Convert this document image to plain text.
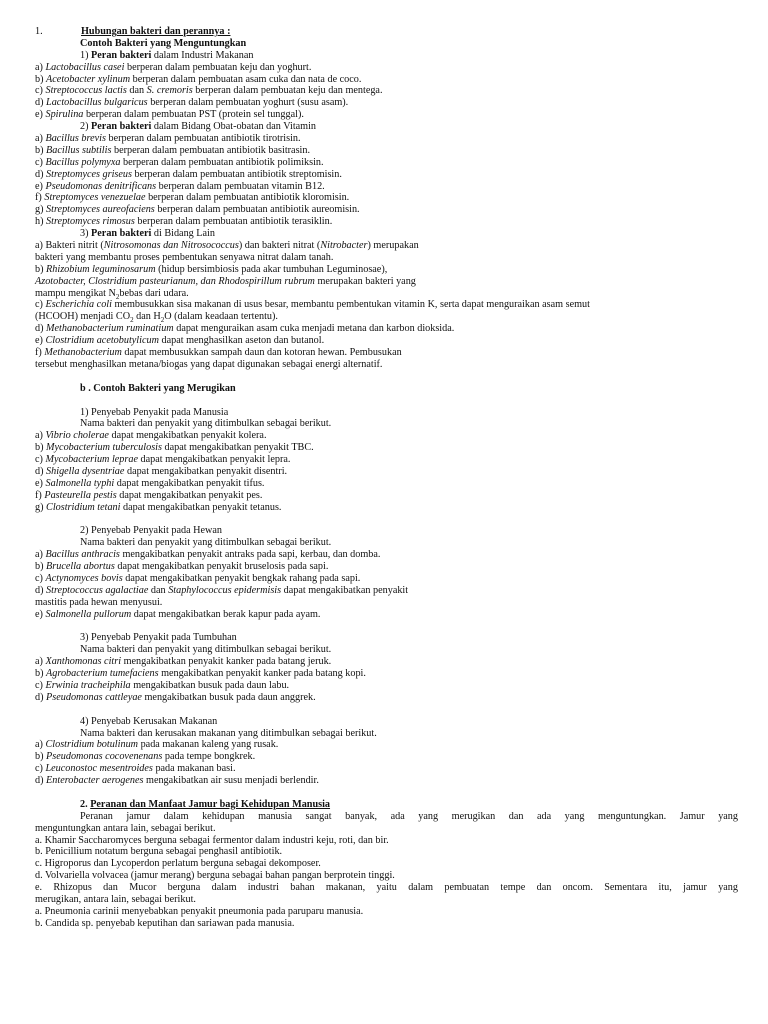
1.	Hubungan bakteri dan perannya :
Contoh Bakteri yang Menguntungkan
1) Peran bakteri dalam Industri Makanan
a) Lactobacillus casei berperan dalam pembuatan keju dan yoghurt.
b) Acetobacter xylinum berperan dalam pembuatan asam cuka dan nata de coco.
c) Streptococcus lactis dan S. cremoris berperan dalam pembuatan keju dan mentega.
d) Lactobacillus bulgaricus berperan dalam pembuatan yoghurt (susu asam).
e) Spirulina berperan dalam pembuatan PST (protein sel tunggal).
2) Peran bakteri dalam Bidang Obat-obatan dan Vitamin
a) Bacillus brevis berperan dalam pembuatan antibiotik tirotrisin.
b) Bacillus subtilis berperan dalam pembuatan antibiotik basitrasin.
c) Bacillus polymyxa berperan dalam pembuatan antibiotik polimiksin.
d) Streptomyces griseus berperan dalam pembuatan antibiotik streptomisin.
e) Pseudomonas denitrificans berperan dalam pembuatan vitamin B12.
f) Streptomyces venezuelae berperan dalam pembuatan antibiotik kloromisin.
g) Streptomyces aureofaciens berperan dalam pembuatan antibiotik aureomisin.
h) Streptomyces rimosus berperan dalam pembuatan antibiotik terasiklin.
3) Peran bakteri di Bidang Lain
a) Bakteri nitrit (Nitrosomonas dan Nitrosococcus) dan bakteri nitrat (Nitrobacter) merupakan
bakteri yang membantu proses pembentukan senyawa nitrat dalam tanah.
b) Rhizobium leguminosarum (hidup bersimbiosis pada akar tumbuhan Leguminosae),
Azotobacter, Clostridium pasteurianum, dan Rhodospirillum rubrum merupakan bakteri yang
mampu mengikat $N_2bebas$ dari udara.
c) Escherichia coli membusukkan sisa makanan di usus besar, membantu pembentukan vitamin K, serta dapat menguraikan asam semut
(HCOOH) menjadi $CO_2$ dan $H_2O$ (dalam keadaan tertentu).
d) Methanobacterium ruminatium dapat menguraikan asam cuka menjadi metana dan karbon dioksida.
e) Clostridium acetobutylicum dapat menghasilkan aseton dan butanol.
f) Methanobacterium dapat membusukkan sampah daun dan kotoran hewan. Pembusukan
tersebut menghasilkan metana/biogas yang dapat digunakan sebagai energi alternatif.
b . Contoh Bakteri yang Merugikan
1) Penyebab Penyakit pada Manusia
Nama bakteri dan penyakit yang ditimbulkan sebagai berikut.
a) Vibrio cholerae dapat mengakibatkan penyakit kolera.
b) Mycobacterium tuberculosis dapat mengakibatkan penyakit TBC.
c) Mycobacterium leprae dapat mengakibatkan penyakit lepra.
d) Shigella dysentriae dapat mengakibatkan penyakit disentri.
e) Salmonella typhi dapat mengakibatkan penyakit tifus.
f) Pasteurella pestis dapat mengakibatkan penyakit pes.
g) Clostridium tetani dapat mengakibatkan penyakit tetanus.
2) Penyebab Penyakit pada Hewan
Nama bakteri dan penyakit yang ditimbulkan sebagai berikut.
a) Bacillus anthracis mengakibatkan penyakit antraks pada sapi, kerbau, dan domba.
b) Brucella abortus dapat mengakibatkan penyakit bruselosis pada sapi.
c) Actynomyces bovis dapat mengakibatkan penyakit bengkak rahang pada sapi.
d) Streptococcus agalactiae dan Staphylococcus epidermisis dapat mengakibatkan penyakit
mastitis pada hewan menyusui.
e) Salmonella pullorum dapat mengakibatkan berak kapur pada ayam.
3) Penyebab Penyakit pada Tumbuhan
Nama bakteri dan penyakit yang ditimbulkan sebagai berikut.
a) Xanthomonas citri mengakibatkan penyakit kanker pada batang jeruk.
b) Agrobacterium tumefaciens mengakibatkan penyakit kanker pada batang kopi.
c) Erwinia tracheiphila mengakibatkan busuk pada daun labu.
d) Pseudomonas cattleyae mengakibatkan busuk pada daun anggrek.
4) Penyebab Kerusakan Makanan
Nama bakteri dan kerusakan makanan yang ditimbulkan sebagai berikut.
a) Clostridium botulinum pada makanan kaleng yang rusak.
b) Pseudomonas cocovenenans pada tempe bongkrek.
c) Leuconostoc mesentroides pada makanan basi.
d) Enterobacter aerogenes mengakibatkan air susu menjadi berlendir.
2. Peranan dan Manfaat Jamur bagi Kehidupan Manusia
Peranan jamur dalam kehidupan manusia sangat banyak, ada yang merugikan dan ada yang menguntungkan. Jamur yang
menguntungkan antara lain, sebagai berikut.
a. Khamir Saccharomyces berguna sebagai fermentor dalam industri keju, roti, dan bir.
b. Penicillium notatum berguna sebagai penghasil antibiotik.
c. Higroporus dan Lycoperdon perlatum berguna sebagai dekomposer.
d. Volvariella volvacea (jamur merang) berguna sebagai bahan pangan berprotein tinggi.
e. Rhizopus dan Mucor berguna dalam industri bahan makanan, yaitu dalam pembuatan tempe dan oncom. Sementara itu, jamur yang
merugikan, antara lain, sebagai berikut.
a. Pneumonia carinii menyebabkan penyakit pneumonia pada paruparu manusia.
b. Candida sp. penyebab keputihan dan sariawan pada manusia.
